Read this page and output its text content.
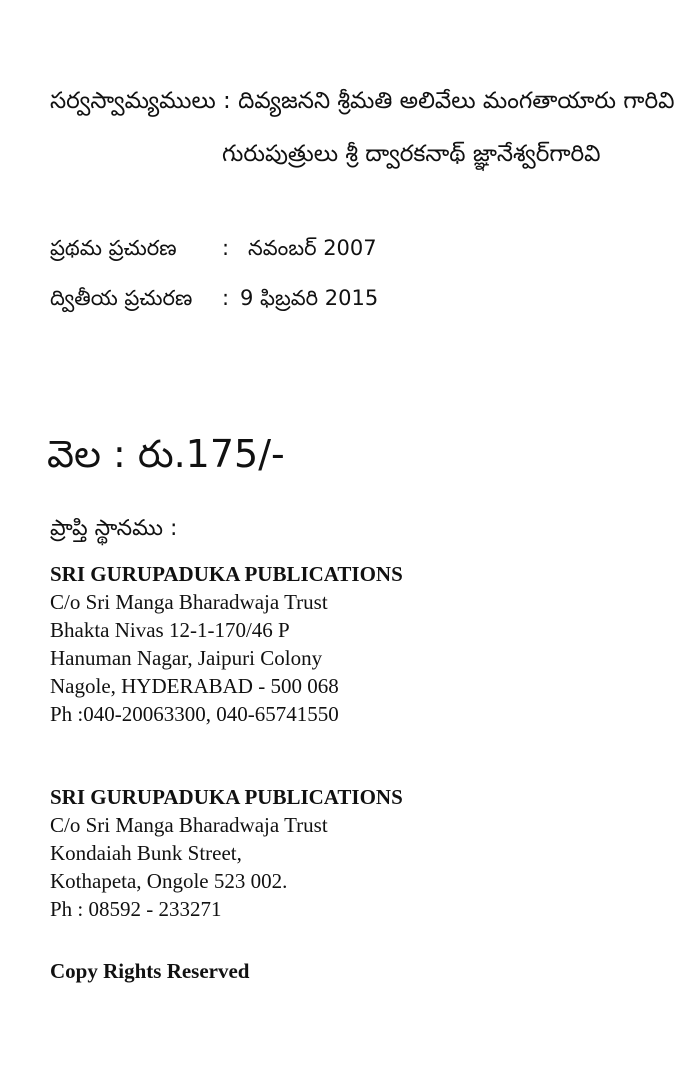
సర్వస్వామ్యములు : దివ్యజనని శ్రీమతి అలివేలు మంగతాయారు గారివి
గురుపుత్రులు శ్రీ ద్వారకనాథ్ జ్ఞానేశ్వర్‌గారివి
ప్రథమ ప్రచురణ : నవంబర్ 2007
ద్వితీయ ప్రచురణ : 9 ఫిబ్రవరి 2015
వెల : రు.175/-
ప్రాప్తి స్థానము :
SRI GURUPADUKA PUBLICATIONS
C/o Sri Manga Bharadwaja Trust
Bhakta Nivas 12-1-170/46 P
Hanuman Nagar, Jaipuri Colony
Nagole, HYDERABAD - 500 068
Ph :040-20063300, 040-65741550
SRI GURUPADUKA PUBLICATIONS
C/o Sri Manga Bharadwaja Trust
Kondaiah Bunk Street,
Kothapeta, Ongole 523 002.
Ph : 08592 - 233271
Copy Rights Reserved
